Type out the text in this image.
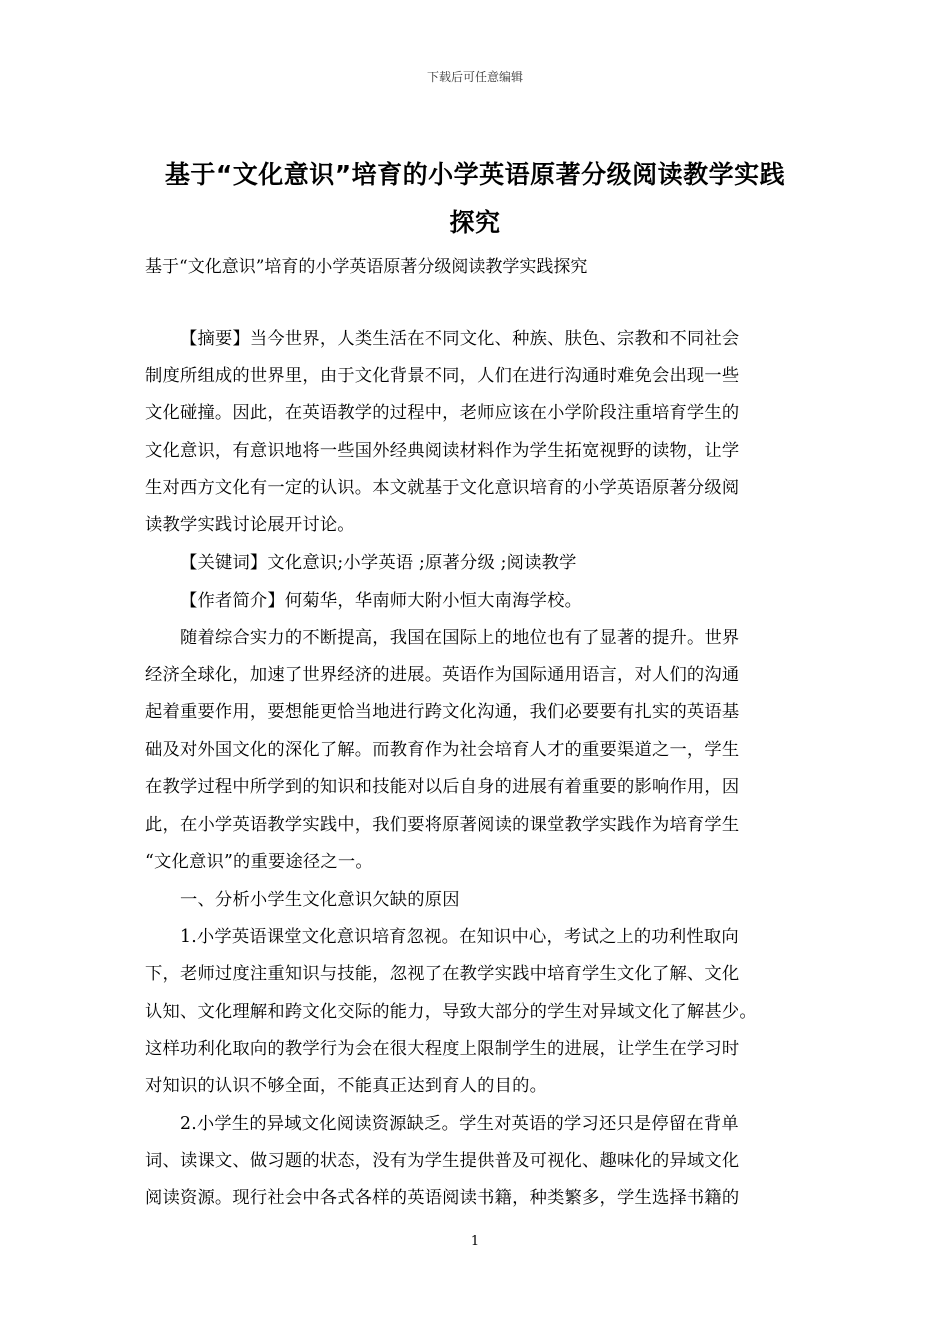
下载后可任意编辑
基于“文化意识”培育的小学英语原著分级阅读教学实践
探究
基于“文化意识”培育的小学英语原著分级阅读教学实践探究
【摘要】当今世界，人类生活在不同文化、种族、肤色、宗教和不同社会
制度所组成的世界里，由于文化背景不同，人们在进行沟通时难免会出现一些
文化碰撞。因此，在英语教学的过程中，老师应该在小学阶段注重培育学生的
文化意识，有意识地将一些国外经典阅读材料作为学生拓宽视野的读物，让学
生对西方文化有一定的认识。本文就基于文化意识培育的小学英语原著分级阅
读教学实践讨论展开讨论。
【关键词】文化意识;小学英语 ;原著分级 ;阅读教学
【作者简介】何菊华，华南师大附小恒大南海学校。
随着综合实力的不断提高，我国在国际上的地位也有了显著的提升。世界
经济全球化，加速了世界经济的进展。英语作为国际通用语言，对人们的沟通
起着重要作用，要想能更恰当地进行跨文化沟通，我们必要要有扎实的英语基
础及对外国文化的深化了解。而教育作为社会培育人才的重要渠道之一，学生
在教学过程中所学到的知识和技能对以后自身的进展有着重要的影响作用，因
此，在小学英语教学实践中，我们要将原著阅读的课堂教学实践作为培育学生
“文化意识”的重要途径之一。
一、分析小学生文化意识欠缺的原因
1.小学英语课堂文化意识培育忽视。在知识中心，考试之上的功利性取向
下，老师过度注重知识与技能，忽视了在教学实践中培育学生文化了解、文化
认知、文化理解和跨文化交际的能力，导致大部分的学生对异域文化了解甚少。
这样功利化取向的教学行为会在很大程度上限制学生的进展，让学生在学习时
对知识的认识不够全面，不能真正达到育人的目的。
2.小学生的异域文化阅读资源缺乏。学生对英语的学习还只是停留在背单
词、读课文、做习题的状态，没有为学生提供普及可视化、趣味化的异域文化
阅读资源。现行社会中各式各样的英语阅读书籍，种类繁多，学生选择书籍的
1
